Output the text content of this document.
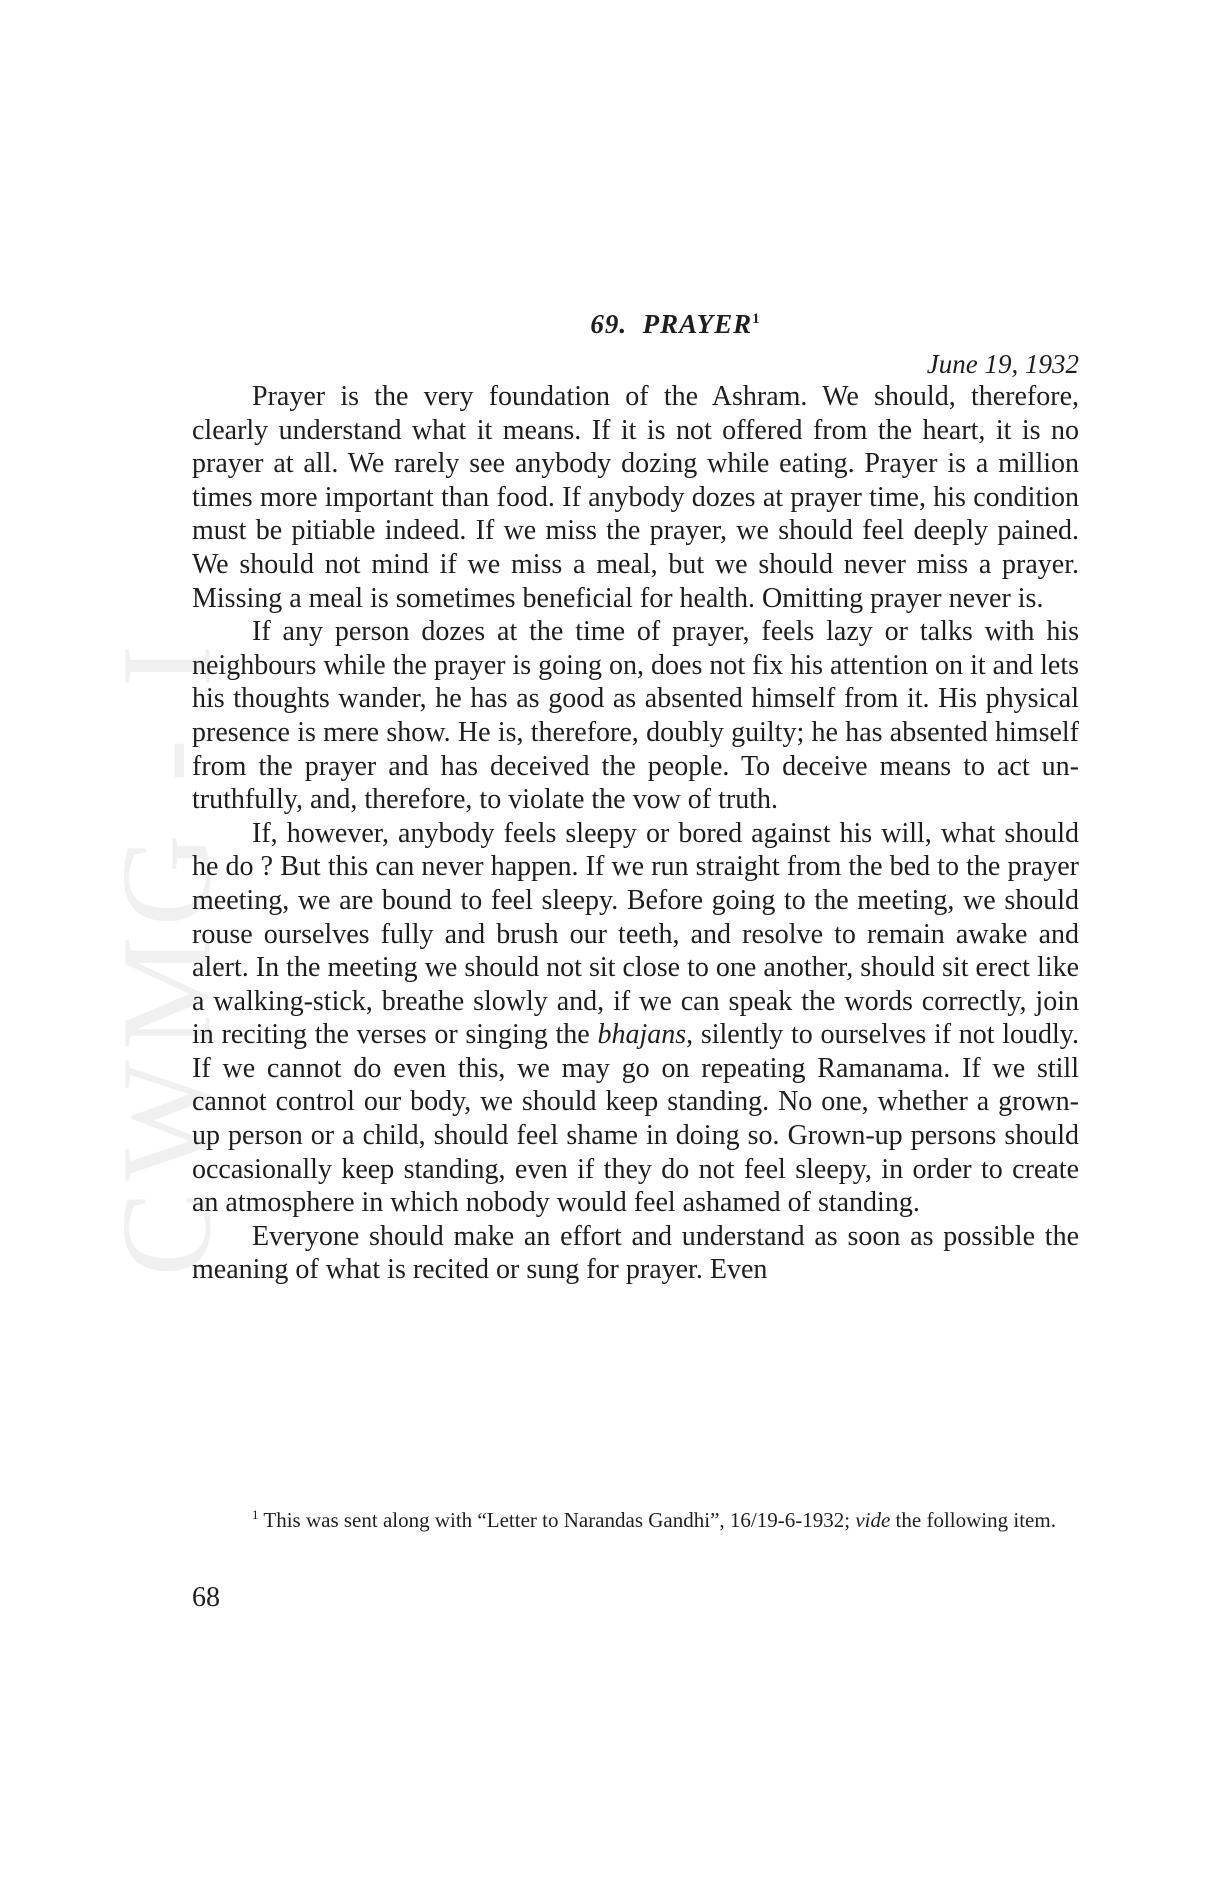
CWMG - I
69. PRAYER$^1$
June 19, 1932

Prayer is the very foundation of the Ashram. We should, therefore, clearly understand what it means. If it is not offered from the heart, it is no prayer at all. We rarely see anybody dozing while eating. Prayer is a million times more important than food. If anybody dozes at prayer time, his condition must be pitiable indeed. If we miss the prayer, we should feel deeply pained. We should not mind if we miss a meal, but we should never miss a prayer. Missing a meal is sometimes beneficial for health. Omitting prayer never is.

If any person dozes at the time of prayer, feels lazy or talks with his neighbours while the prayer is going on, does not fix his attention on it and lets his thoughts wander, he has as good as absented himself from it. His physical presence is mere show. He is, therefore, doubly guilty; he has absented himself from the prayer and has deceived the people. To deceive means to act untruthfully, and, therefore, to violate the vow of truth.

If, however, anybody feels sleepy or bored against his will, what should he do ? But this can never happen. If we run straight from the bed to the prayer meeting, we are bound to feel sleepy. Before going to the meeting, we should rouse ourselves fully and brush our teeth, and resolve to remain awake and alert. In the meeting we should not sit close to one another, should sit erect like a walking-stick, breathe slowly and, if we can speak the words correctly, join in reciting the verses or singing the bhajans, silently to ourselves if not loudly. If we cannot do even this, we may go on repeating Ramanama. If we still cannot control our body, we should keep standing. No one, whether a grown-up person or a child, should feel shame in doing so. Grown-up persons should occasionally keep standing, even if they do not feel sleepy, in order to create an atmosphere in which nobody would feel ashamed of standing.

Everyone should make an effort and understand as soon as possible the meaning of what is recited or sung for prayer. Even

$^1$ This was sent along with “Letter to Narandas Gandhi”, 16/19-6-1932; vide the following item.

68
